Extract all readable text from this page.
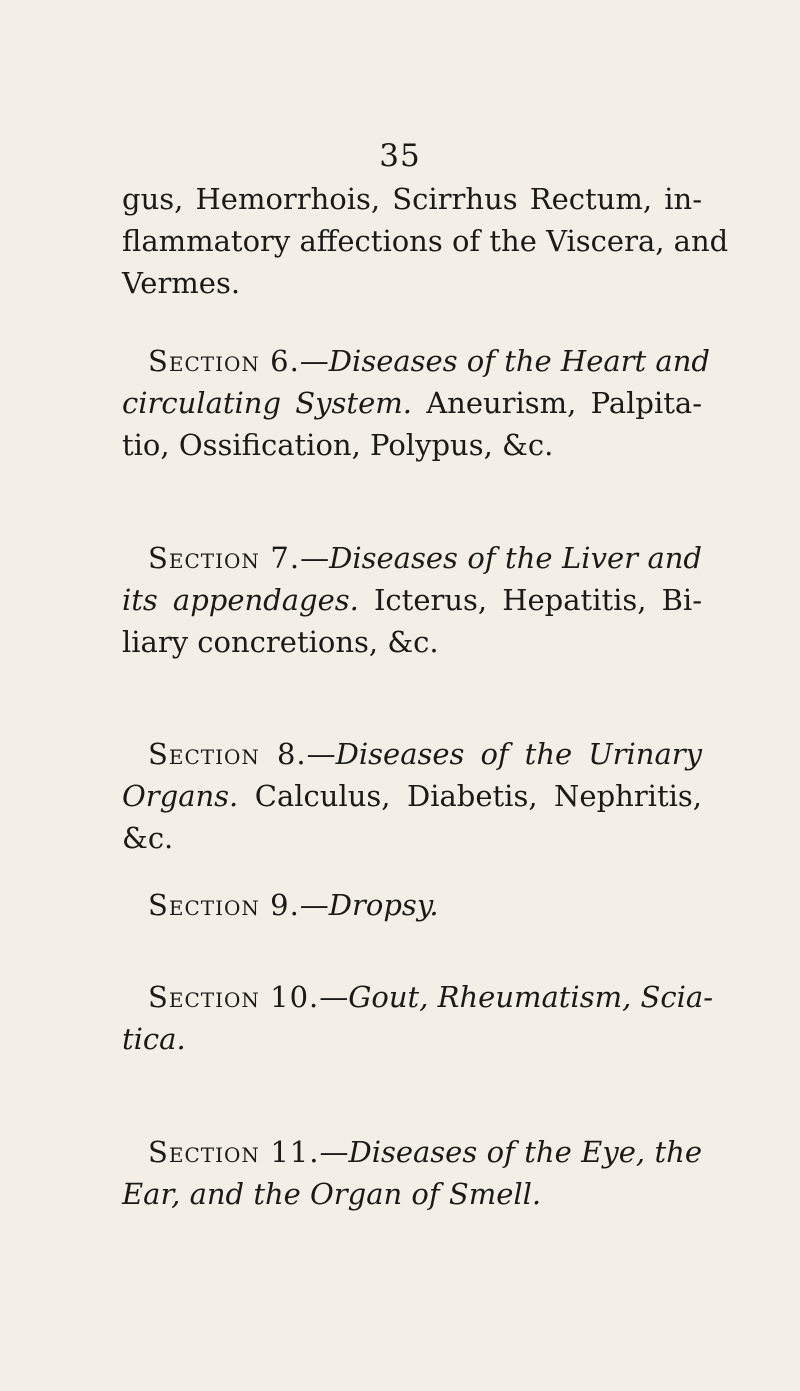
35
gus, Hemorrhois, Scirrhus Rectum, in-
flammatory affections of the Viscera, and
Vermes.
Section 6.—Diseases of the Heart and
circulating System. Aneurism, Palpita-
tio, Ossification, Polypus, &c.
Section 7.—Diseases of the Liver and
its appendages. Icterus, Hepatitis, Bi-
liary concretions, &c.
Section 8.—Diseases of the Urinary
Organs. Calculus, Diabetis, Nephritis,
&c.
Section 9.—Dropsy.
Section 10.—Gout, Rheumatism, Scia-
tica.
Section 11.—Diseases of the Eye, the
Ear, and the Organ of Smell.
